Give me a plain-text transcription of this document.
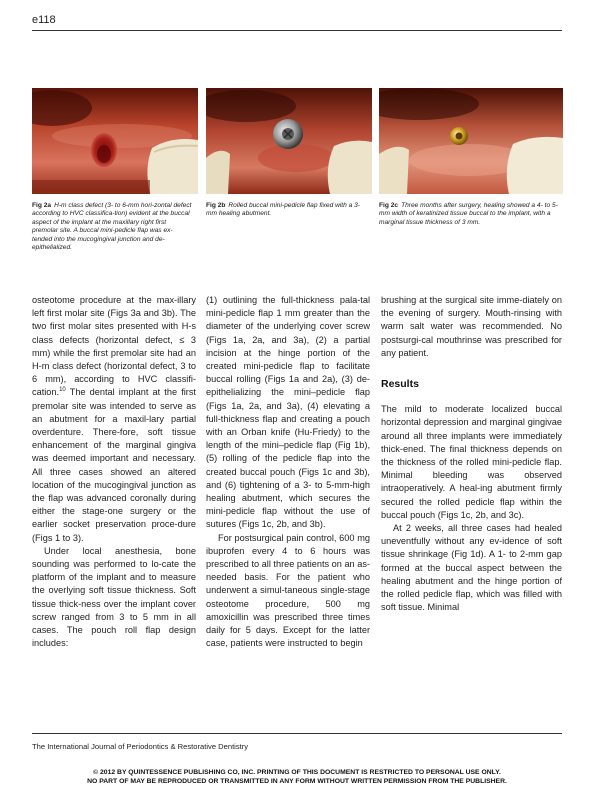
e118
Fig 2a H-m class defect (3- to 6-mm hori-zontal defect according to HVC classifica-tion) evident at the buccal aspect of the implant at the maxillary right first premolar site. A buccal mini-pedicle flap was ex-tended into the mucogingival junction and de-epithelialized.
Fig 2b Rolled buccal mini-pedicle flap fixed with a 3-mm healing abutment.
Fig 2c Three months after surgery, healing showed a 4- to 5-mm width of keratinized tissue buccal to the implant, with a marginal tissue thickness of 3 mm.

osteotome procedure at the max-illary left first molar site (Figs 3a and 3b). The two first molar sites presented with H-s class defects (horizontal defect, ≤ 3 mm) while the first premolar site had an H-m class defect (horizontal defect, 3 to 6 mm), according to HVC classifi-cation.$^{10}$ The dental implant at the first premolar site was intended to serve as an abutment for a maxil-lary partial overdenture. There-fore, soft tissue enhancement of the marginal gingiva was deemed important and necessary. All three cases showed an altered location of the mucogingival junction as the flap was advanced coronally during either the stage-one surgery or the earlier socket preservation proce-dure (Figs 1 to 3).

Under local anesthesia, bone sounding was performed to lo-cate the platform of the implant and to measure the overlying soft tissue thickness. Soft tissue thick-ness over the implant cover screw ranged from 3 to 5 mm in all cases. The pouch roll flap design includes:

(1) outlining the full-thickness pala-tal mini-pedicle flap 1 mm greater than the diameter of the underlying cover screw (Figs 1a, 2a, and 3a), (2) a partial incision at the hinge portion of the created mini-pedicle flap to facilitate buccal rolling (Figs 1a and 2a), (3) de-epithelializing the mini–pedicle flap (Figs 1a, 2a, and 3a), (4) elevating a full-thickness flap and creating a pouch with an Orban knife (Hu-Friedy) to the length of the mini–pedicle flap (Fig 1b), (5) rolling of the pedicle flap into the created buccal pouch (Figs 1c and 3b), and (6) tightening of a 3- to 5-mm-high healing abutment, which secures the mini-pedicle flap without the use of sutures (Figs 1c, 2b, and 3b).

For postsurgical pain control, 600 mg ibuprofen every 4 to 6 hours was prescribed to all three patients on an as-needed basis. For the patient who underwent a simul-taneous single-stage osteotome procedure, 500 mg amoxicillin was prescribed three times daily for 5 days. Except for the latter case, patients were instructed to begin

brushing at the surgical site imme-diately on the evening of surgery. Mouth-rinsing with warm salt water was recommended. No postsurgi-cal mouthrinse was prescribed for any patient.

Results

The mild to moderate localized buccal horizontal depression and marginal gingivae around all three implants were immediately thick-ened. The final thickness depends on the thickness of the rolled mini-pedicle flap. Minimal bleeding was observed intraoperatively. A heal-ing abutment firmly secured the rolled pedicle flap within the buccal pouch (Figs 1c, 2b, and 3c).

At 2 weeks, all three cases had healed uneventfully without any ev-idence of soft tissue shrinkage (Fig 1d). A 1- to 2-mm gap formed at the buccal aspect between the healing abutment and the hinge portion of the rolled pedicle flap, which was filled with soft tissue. Minimal

The International Journal of Periodontics & Restorative Dentistry
© 2012 BY QUINTESSENCE PUBLISHING CO, INC. PRINTING OF THIS DOCUMENT IS RESTRICTED TO PERSONAL USE ONLY.
NO PART OF MAY BE REPRODUCED OR TRANSMITTED IN ANY FORM WITHOUT WRITTEN PERMISSION FROM THE PUBLISHER.
